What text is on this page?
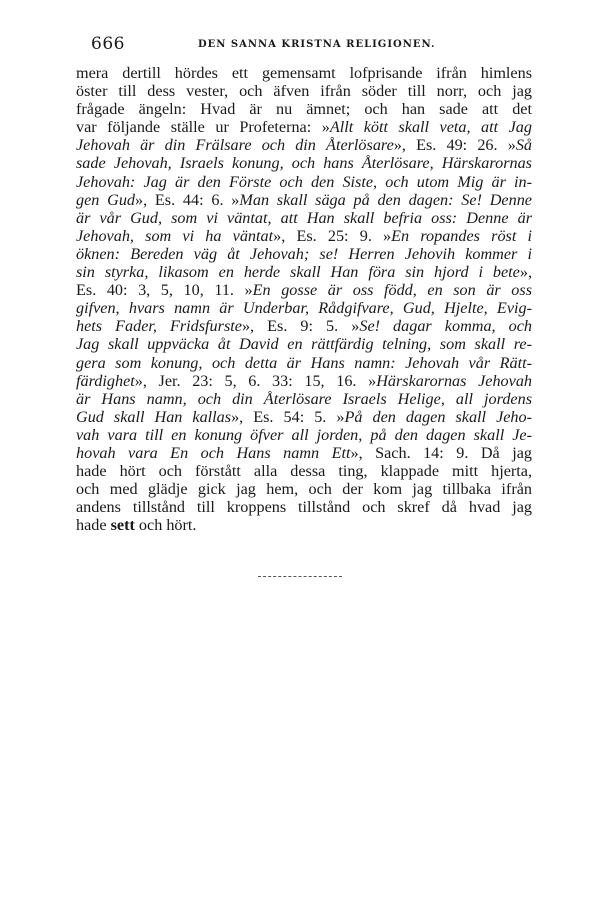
666	DEN SANNA KRISTNA RELIGIONEN.
mera dertill hördes ett gemensamt lofprisande ifrån himlens
öster till dess vester, och äfven ifrån söder till norr, och jag
frågade ängeln: Hvad är nu ämnet; och han sade att det
var följande ställe ur Profeterna: »Allt kött skall veta, att Jag
Jehovah är din Frälsare och din Återlösare», Es. 49: 26. »Så
sade Jehovah, Israels konung, och hans Återlösare, Härskarornas
Jehovah: Jag är den Förste och den Siste, och utom Mig är in-
gen Gud», Es. 44: 6. »Man skall säga på den dagen: Se! Denne
är vår Gud, som vi väntat, att Han skall befria oss: Denne är
Jehovah, som vi ha väntat», Es. 25: 9. »En ropandes röst i
öknen: Bereden väg åt Jehovah; se! Herren Jehovih kommer i
sin styrka, likasom en herde skall Han föra sin hjord i bete»,
Es. 40: 3, 5, 10, 11. »En gosse är oss född, en son är oss
gifven, hvars namn är Underbar, Rådgifvare, Gud, Hjelte, Evig-
hets Fader, Fridsfurste», Es. 9: 5. »Se! dagar komma, och
Jag skall uppväcka åt David en rättfärdig telning, som skall re-
gera som konung, och detta är Hans namn: Jehovah vår Rätt-
färdighet», Jer. 23: 5, 6. 33: 15, 16. »Härskarornas Jehovah
är Hans namn, och din Återlösare Israels Helige, all jordens
Gud skall Han kallas», Es. 54: 5. »På den dagen skall Jeho-
vah vara till en konung öfver all jorden, på den dagen skall Je-
hovah vara En och Hans namn Ett», Sach. 14: 9. Då jag
hade hört och förstått alla dessa ting, klappade mitt hjerta,
och med glädje gick jag hem, och der kom jag tillbaka ifrån
andens tillstånd till kroppens tillstånd och skref då hvad jag
hade sett och hört.
